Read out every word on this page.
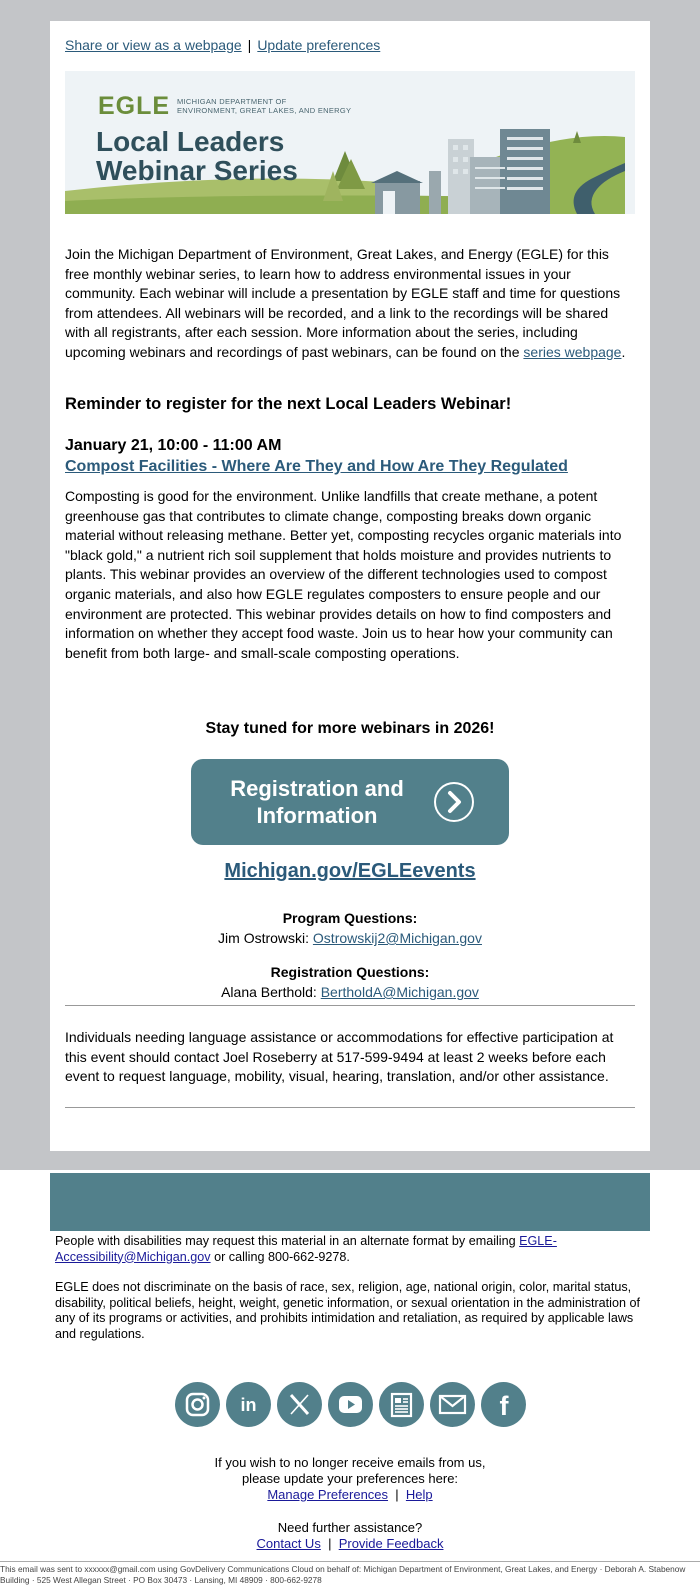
Share or view as a webpage | Update preferences
EGLE MICHIGAN DEPARTMENT OF
ENVIRONMENT, GREAT LAKES, AND ENERGY
Local Leaders
Webinar Series
Join the Michigan Department of Environment, Great Lakes, and Energy (EGLE) for this free monthly webinar series, to learn how to address environmental issues in your community. Each webinar will include a presentation by EGLE staff and time for questions from attendees. All webinars will be recorded, and a link to the recordings will be shared with all registrants, after each session. More information about the series, including upcoming webinars and recordings of past webinars, can be found on the series webpage.
Reminder to register for the next Local Leaders Webinar!
January 21, 10:00 - 11:00 AM
Compost Facilities - Where Are They and How Are They Regulated
Composting is good for the environment. Unlike landfills that create methane, a potent greenhouse gas that contributes to climate change, composting breaks down organic material without releasing methane. Better yet, composting recycles organic materials into "black gold," a nutrient rich soil supplement that holds moisture and provides nutrients to plants. This webinar provides an overview of the different technologies used to compost organic materials, and also how EGLE regulates composters to ensure people and our environment are protected. This webinar provides details on how to find composters and information on whether they accept food waste. Join us to hear how your community can benefit from both large- and small-scale composting operations.
Stay tuned for more webinars in 2026!
Registration and
Information
Michigan.gov/EGLEevents
Program Questions:
Jim Ostrowski: Ostrowskij2@Michigan.gov
Registration Questions:
Alana Berthold: BertholdA@Michigan.gov
Individuals needing language assistance or accommodations for effective participation at this event should contact Joel Roseberry at 517-599-9494 at least 2 weeks before each event to request language, mobility, visual, hearing, translation, and/or other assistance.
People with disabilities may request this material in an alternate format by emailing EGLE-Accessibility@Michigan.gov or calling 800-662-9278.
EGLE does not discriminate on the basis of race, sex, religion, age, national origin, color, marital status, disability, political beliefs, height, weight, genetic information, or sexual orientation in the administration of any of its programs or activities, and prohibits intimidation and retaliation, as required by applicable laws and regulations.
in	f
If you wish to no longer receive emails from us,
please update your preferences here:
Manage Preferences | Help
Need further assistance?
Contact Us | Provide Feedback
This email was sent to xxxxxx@gmail.com using GovDelivery Communications Cloud on behalf of: Michigan Department of Environment, Great Lakes, and Energy · Deborah A. Stabenow Building · 525 West Allegan Street · PO Box 30473 · Lansing, MI 48909 · 800-662-9278
